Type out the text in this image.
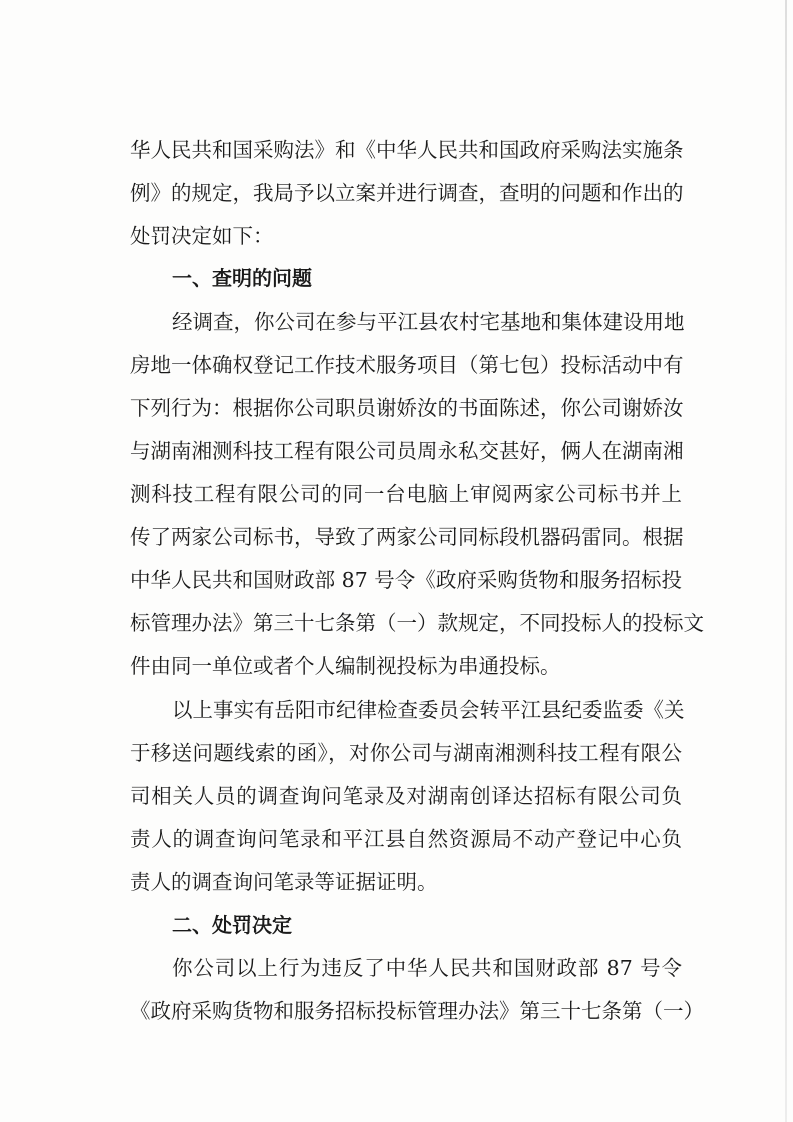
华人民共和国采购法》和《中华人民共和国政府采购法实施条
例》的规定，我局予以立案并进行调查，查明的问题和作出的
处罚决定如下：
一、查明的问题
经调查，你公司在参与平江县农村宅基地和集体建设用地
房地一体确权登记工作技术服务项目（第七包）投标活动中有
下列行为：根据你公司职员谢娇汝的书面陈述，你公司谢娇汝
与湖南湘测科技工程有限公司员周永私交甚好，俩人在湖南湘
测科技工程有限公司的同一台电脑上审阅两家公司标书并上
传了两家公司标书，导致了两家公司同标段机器码雷同。根据
中华人民共和国财政部 87 号令《政府采购货物和服务招标投
标管理办法》第三十七条第（一）款规定，不同投标人的投标文
件由同一单位或者个人编制视投标为串通投标。
以上事实有岳阳市纪律检查委员会转平江县纪委监委《关
于移送问题线索的函》，对你公司与湖南湘测科技工程有限公
司相关人员的调查询问笔录及对湖南创译达招标有限公司负
责人的调查询问笔录和平江县自然资源局不动产登记中心负
责人的调查询问笔录等证据证明。
二、处罚决定
你公司以上行为违反了中华人民共和国财政部 87 号令
《政府采购货物和服务招标投标管理办法》第三十七条第（一）
